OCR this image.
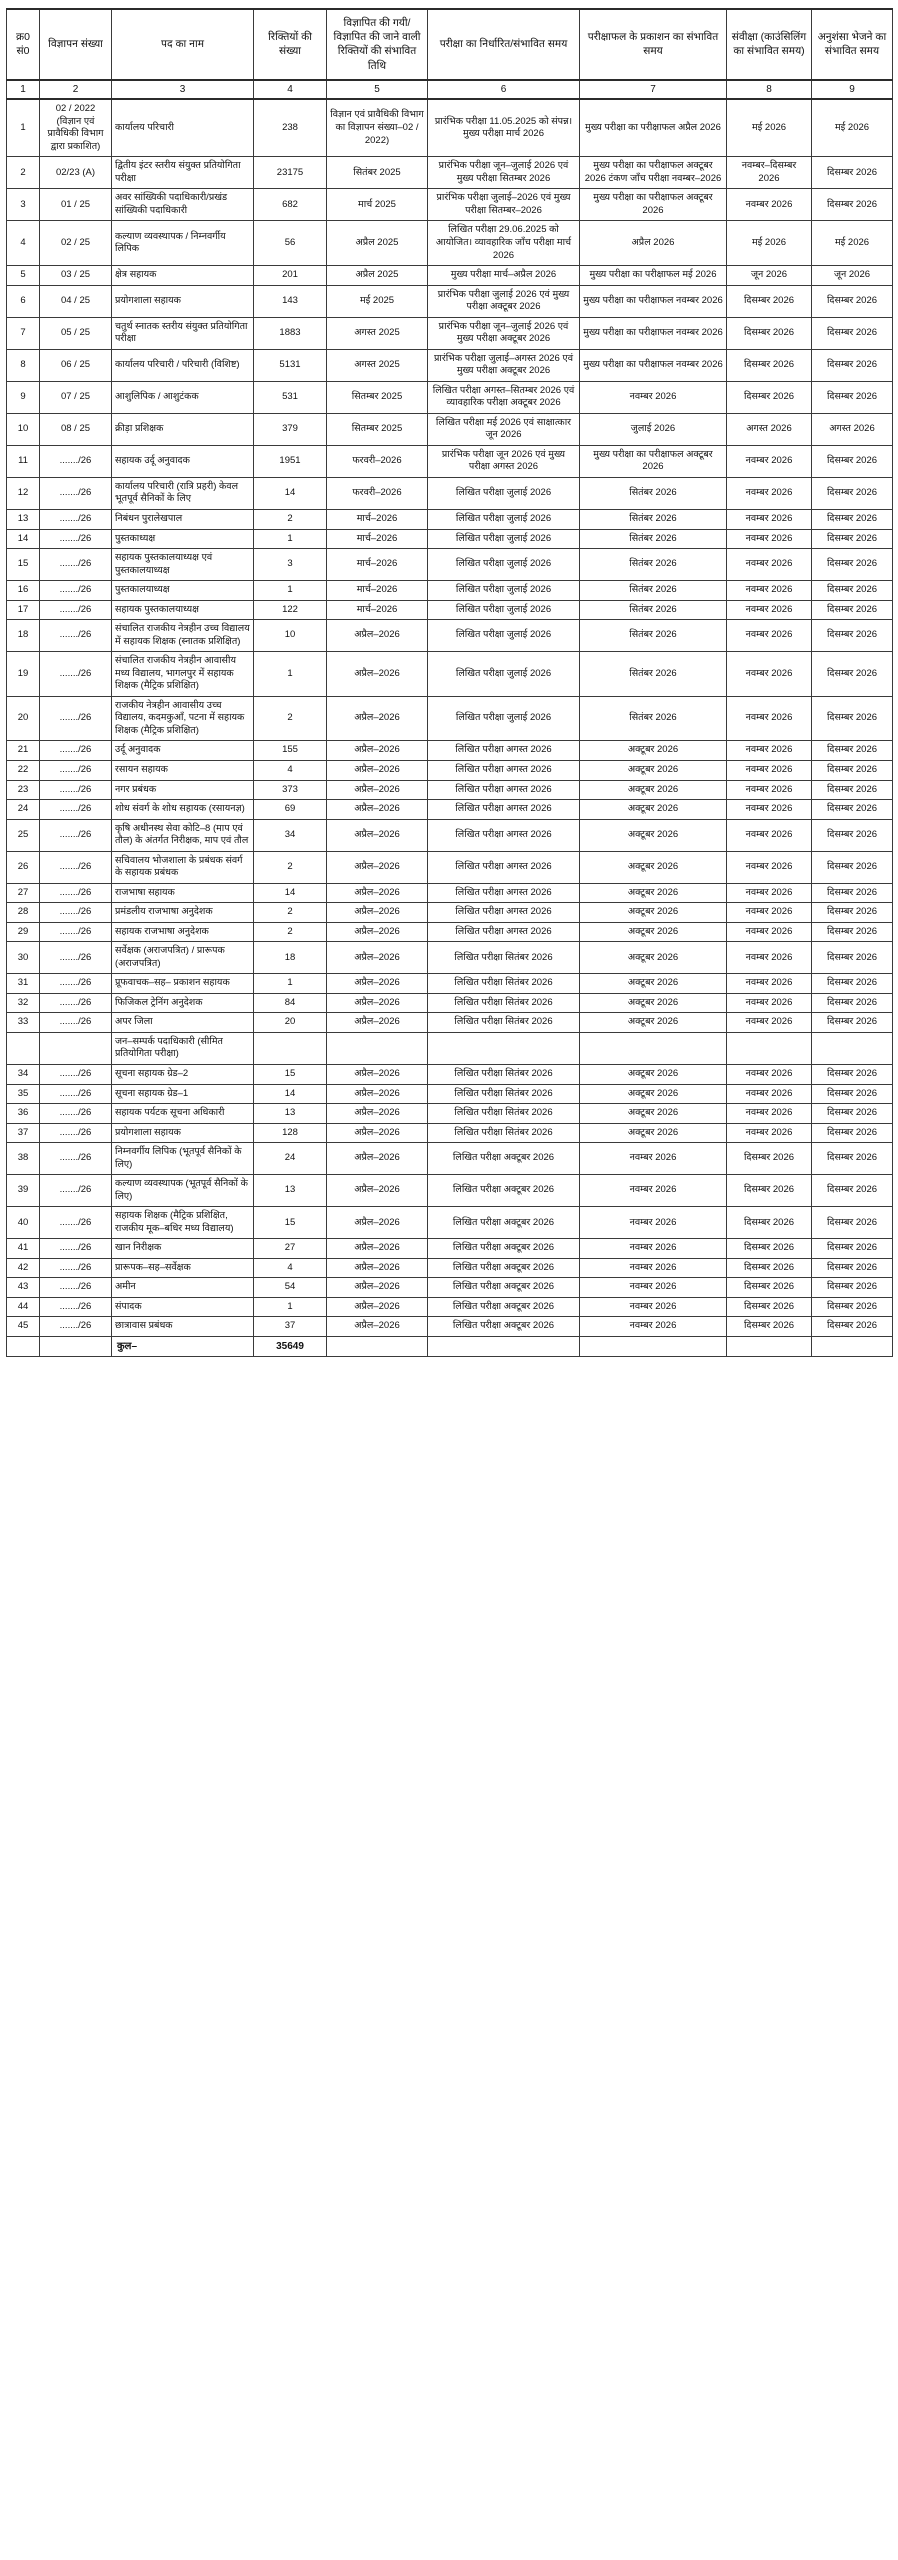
क्र0 सं0	विज्ञापन संख्या	पद का नाम	रिक्तियों की संख्या	विज्ञापित की गयी/विज्ञापित की जाने वाली रिक्तियों की संभावित तिथि	परीक्षा का निर्धारित/संभावित समय	परीक्षाफल के प्रकाशन का संभावित समय	संवीक्षा (काउंसिलिंग का संभावित समय)	अनुशंसा भेजने का संभावित समय
1	2	3	4	5	6	7	8	9
1	02 / 2022 (विज्ञान एवं प्रावैधिकी विभाग द्वारा प्रकाशित)	कार्यालय परिचारी	238	विज्ञान एवं प्रावैधिकी विभाग का विज्ञापन संख्या–02 / 2022)	प्रारंभिक परीक्षा 11.05.2025 को संपन्न। मुख्य परीक्षा मार्च 2026	मुख्य परीक्षा का परीक्षाफल अप्रैल 2026	मई 2026	मई 2026
2	02/23 (A)	द्वितीय इंटर स्तरीय संयुक्त प्रतियोगिता परीक्षा	23175	सितंबर 2025	प्रारंभिक परीक्षा जून–जुलाई 2026 एवं मुख्य परीक्षा सितम्बर 2026	मुख्य परीक्षा का परीक्षाफल अक्टूबर 2026 टंकण जाँच परीक्षा नवम्बर–2026	नवम्बर–दिसम्बर 2026	दिसम्बर 2026
3	01 / 25	अवर सांख्यिकी पदाधिकारी/प्रखंड सांख्यिकी पदाधिकारी	682	मार्च 2025	प्रारंभिक परीक्षा जुलाई–2026 एवं मुख्य परीक्षा सितम्बर–2026	मुख्य परीक्षा का परीक्षाफल अक्टूबर 2026	नवम्बर 2026	दिसम्बर 2026
4	02 / 25	कल्याण व्यवस्थापक / निम्नवर्गीय लिपिक	56	अप्रैल 2025	लिखित परीक्षा 29.06.2025 को आयोजित। व्यावहारिक जाँच परीक्षा मार्च 2026	अप्रैल 2026	मई 2026	मई 2026
5	03 / 25	क्षेत्र सहायक	201	अप्रैल 2025	मुख्य परीक्षा मार्च–अप्रैल 2026	मुख्य परीक्षा का परीक्षाफल मई 2026	जून 2026	जून 2026
6	04 / 25	प्रयोगशाला सहायक	143	मई 2025	प्रारंभिक परीक्षा जुलाई 2026 एवं मुख्य परीक्षा अक्टूबर 2026	मुख्य परीक्षा का परीक्षाफल नवम्बर 2026	दिसम्बर 2026	दिसम्बर 2026
7	05 / 25	चतुर्थ स्नातक स्तरीय संयुक्त प्रतियोगिता परीक्षा	1883	अगस्त 2025	प्रारंभिक परीक्षा जून–जुलाई 2026 एवं मुख्य परीक्षा अक्टूबर 2026	मुख्य परीक्षा का परीक्षाफल नवम्बर 2026	दिसम्बर 2026	दिसम्बर 2026
8	06 / 25	कार्यालय परिचारी / परिचारी (विशिष्ट)	5131	अगस्त 2025	प्रारंभिक परीक्षा जुलाई–अगस्त 2026 एवं मुख्य परीक्षा अक्टूबर 2026	मुख्य परीक्षा का परीक्षाफल नवम्बर 2026	दिसम्बर 2026	दिसम्बर 2026
9	07 / 25	आशुलिपिक / आशुटंकक	531	सितम्बर 2025	लिखित परीक्षा अगस्त–सितम्बर 2026 एवं व्यावहारिक परीक्षा अक्टूबर 2026	नवम्बर 2026	दिसम्बर 2026	दिसम्बर 2026
10	08 / 25	क्रीड़ा प्रशिक्षक	379	सितम्बर 2025	लिखित परीक्षा मई 2026 एवं साक्षात्कार जून 2026	जुलाई 2026	अगस्त 2026	अगस्त 2026
11	......./26	सहायक उर्दू अनुवादक	1951	फरवरी–2026	प्रारंभिक परीक्षा जून 2026 एवं मुख्य परीक्षा अगस्त 2026	मुख्य परीक्षा का परीक्षाफल अक्टूबर 2026	नवम्बर 2026	दिसम्बर 2026
12	......./26	कार्यालय परिचारी (रात्रि प्रहरी) केवल भूतपूर्व सैनिकों के लिए	14	फरवरी–2026	लिखित परीक्षा जुलाई 2026	सितंबर 2026	नवम्बर 2026	दिसम्बर 2026
13	......./26	निबंधन पुरालेखपाल	2	मार्च–2026	लिखित परीक्षा जुलाई 2026	सितंबर 2026	नवम्बर 2026	दिसम्बर 2026
14	......./26	पुस्तकाध्यक्ष	1	मार्च–2026	लिखित परीक्षा जुलाई 2026	सितंबर 2026	नवम्बर 2026	दिसम्बर 2026
15	......./26	सहायक पुस्तकालयाध्यक्ष एवं पुस्तकालयाध्यक्ष	3	मार्च–2026	लिखित परीक्षा जुलाई 2026	सितंबर 2026	नवम्बर 2026	दिसम्बर 2026
16	......./26	पुस्तकालयाध्यक्ष	1	मार्च–2026	लिखित परीक्षा जुलाई 2026	सितंबर 2026	नवम्बर 2026	दिसम्बर 2026
17	......./26	सहायक पुस्तकालयाध्यक्ष	122	मार्च–2026	लिखित परीक्षा जुलाई 2026	सितंबर 2026	नवम्बर 2026	दिसम्बर 2026
18	......./26	संचालित राजकीय नेत्रहीन उच्च विद्यालय में सहायक शिक्षक (स्नातक प्रशिक्षित)	10	अप्रैल–2026	लिखित परीक्षा जुलाई 2026	सितंबर 2026	नवम्बर 2026	दिसम्बर 2026
19	......./26	संचालित राजकीय नेत्रहीन आवासीय मध्य विद्यालय, भागलपुर में सहायक शिक्षक (मैट्रिक प्रशिक्षित)	1	अप्रैल–2026	लिखित परीक्षा जुलाई 2026	सितंबर 2026	नवम्बर 2026	दिसम्बर 2026
20	......./26	राजकीय नेत्रहीन आवासीय उच्च विद्यालय, कदमकुऑं, पटना में सहायक शिक्षक (मैट्रिक प्रशिक्षित)	2	अप्रैल–2026	लिखित परीक्षा जुलाई 2026	सितंबर 2026	नवम्बर 2026	दिसम्बर 2026
21	......./26	उर्दू अनुवादक	155	अप्रैल–2026	लिखित परीक्षा अगस्त 2026	अक्टूबर 2026	नवम्बर 2026	दिसम्बर 2026
22	......./26	रसायन सहायक	4	अप्रैल–2026	लिखित परीक्षा अगस्त 2026	अक्टूबर 2026	नवम्बर 2026	दिसम्बर 2026
23	......./26	नगर प्रबंधक	373	अप्रैल–2026	लिखित परीक्षा अगस्त 2026	अक्टूबर 2026	नवम्बर 2026	दिसम्बर 2026
24	......./26	शोध संवर्ग के शोध सहायक (रसायनज्ञ)	69	अप्रैल–2026	लिखित परीक्षा अगस्त 2026	अक्टूबर 2026	नवम्बर 2026	दिसम्बर 2026
25	......./26	कृषि अधीनस्थ सेवा कोटि–8 (माप एवं तौल) के अंतर्गत निरीक्षक, माप एवं तौल	34	अप्रैल–2026	लिखित परीक्षा अगस्त 2026	अक्टूबर 2026	नवम्बर 2026	दिसम्बर 2026
26	......./26	सचिवालय भोजशाला के प्रबंधक संवर्ग के सहायक प्रबंधक	2	अप्रैल–2026	लिखित परीक्षा अगस्त 2026	अक्टूबर 2026	नवम्बर 2026	दिसम्बर 2026
27	......./26	राजभाषा सहायक	14	अप्रैल–2026	लिखित परीक्षा अगस्त 2026	अक्टूबर 2026	नवम्बर 2026	दिसम्बर 2026
28	......./26	प्रमंडलीय राजभाषा अनुदेशक	2	अप्रैल–2026	लिखित परीक्षा अगस्त 2026	अक्टूबर 2026	नवम्बर 2026	दिसम्बर 2026
29	......./26	सहायक राजभाषा अनुदेशक	2	अप्रैल–2026	लिखित परीक्षा अगस्त 2026	अक्टूबर 2026	नवम्बर 2026	दिसम्बर 2026
30	......./26	सर्वेक्षक (अराजपत्रित) / प्रारूपक (अराजपत्रित)	18	अप्रैल–2026	लिखित परीक्षा सितंबर 2026	अक्टूबर 2026	नवम्बर 2026	दिसम्बर 2026
31	......./26	प्रूफवाचक–सह– प्रकाशन सहायक	1	अप्रैल–2026	लिखित परीक्षा सितंबर 2026	अक्टूबर 2026	नवम्बर 2026	दिसम्बर 2026
32	......./26	फिजिकल ट्रेनिंग अनुदेशक	84	अप्रैल–2026	लिखित परीक्षा सितंबर 2026	अक्टूबर 2026	नवम्बर 2026	दिसम्बर 2026
33	......./26	अपर जिला	20	अप्रैल–2026	लिखित परीक्षा सितंबर 2026	अक्टूबर 2026	नवम्बर 2026	दिसम्बर 2026
		जन–सम्पर्क पदाधिकारी (सीमित प्रतियोगिता परीक्षा)						
34	......./26	सूचना सहायक ग्रेड–2	15	अप्रैल–2026	लिखित परीक्षा सितंबर 2026	अक्टूबर 2026	नवम्बर 2026	दिसम्बर 2026
35	......./26	सूचना सहायक ग्रेड–1	14	अप्रैल–2026	लिखित परीक्षा सितंबर 2026	अक्टूबर 2026	नवम्बर 2026	दिसम्बर 2026
36	......./26	सहायक पर्यटक सूचना अधिकारी	13	अप्रैल–2026	लिखित परीक्षा सितंबर 2026	अक्टूबर 2026	नवम्बर 2026	दिसम्बर 2026
37	......./26	प्रयोगशाला सहायक	128	अप्रैल–2026	लिखित परीक्षा सितंबर 2026	अक्टूबर 2026	नवम्बर 2026	दिसम्बर 2026
38	......./26	निम्नवर्गीय लिपिक (भूतपूर्व सैनिकों के लिए)	24	अप्रैल–2026	लिखित परीक्षा अक्टूबर 2026	नवम्बर 2026	दिसम्बर 2026	दिसम्बर 2026
39	......./26	कल्याण व्यवस्थापक (भूतपूर्व सैनिकों के लिए)	13	अप्रैल–2026	लिखित परीक्षा अक्टूबर 2026	नवम्बर 2026	दिसम्बर 2026	दिसम्बर 2026
40	......./26	सहायक शिक्षक (मैट्रिक प्रशिक्षित, राजकीय मूक–बधिर मध्य विद्यालय)	15	अप्रैल–2026	लिखित परीक्षा अक्टूबर 2026	नवम्बर 2026	दिसम्बर 2026	दिसम्बर 2026
41	......./26	खान निरीक्षक	27	अप्रैल–2026	लिखित परीक्षा अक्टूबर 2026	नवम्बर 2026	दिसम्बर 2026	दिसम्बर 2026
42	......./26	प्रारूपक–सह–सर्वेक्षक	4	अप्रैल–2026	लिखित परीक्षा अक्टूबर 2026	नवम्बर 2026	दिसम्बर 2026	दिसम्बर 2026
43	......./26	अमीन	54	अप्रैल–2026	लिखित परीक्षा अक्टूबर 2026	नवम्बर 2026	दिसम्बर 2026	दिसम्बर 2026
44	......./26	संपादक	1	अप्रैल–2026	लिखित परीक्षा अक्टूबर 2026	नवम्बर 2026	दिसम्बर 2026	दिसम्बर 2026
45	......./26	छात्रावास प्रबंधक	37	अप्रैल–2026	लिखित परीक्षा अक्टूबर 2026	नवम्बर 2026	दिसम्बर 2026	दिसम्बर 2026
		कुल–	35649					
